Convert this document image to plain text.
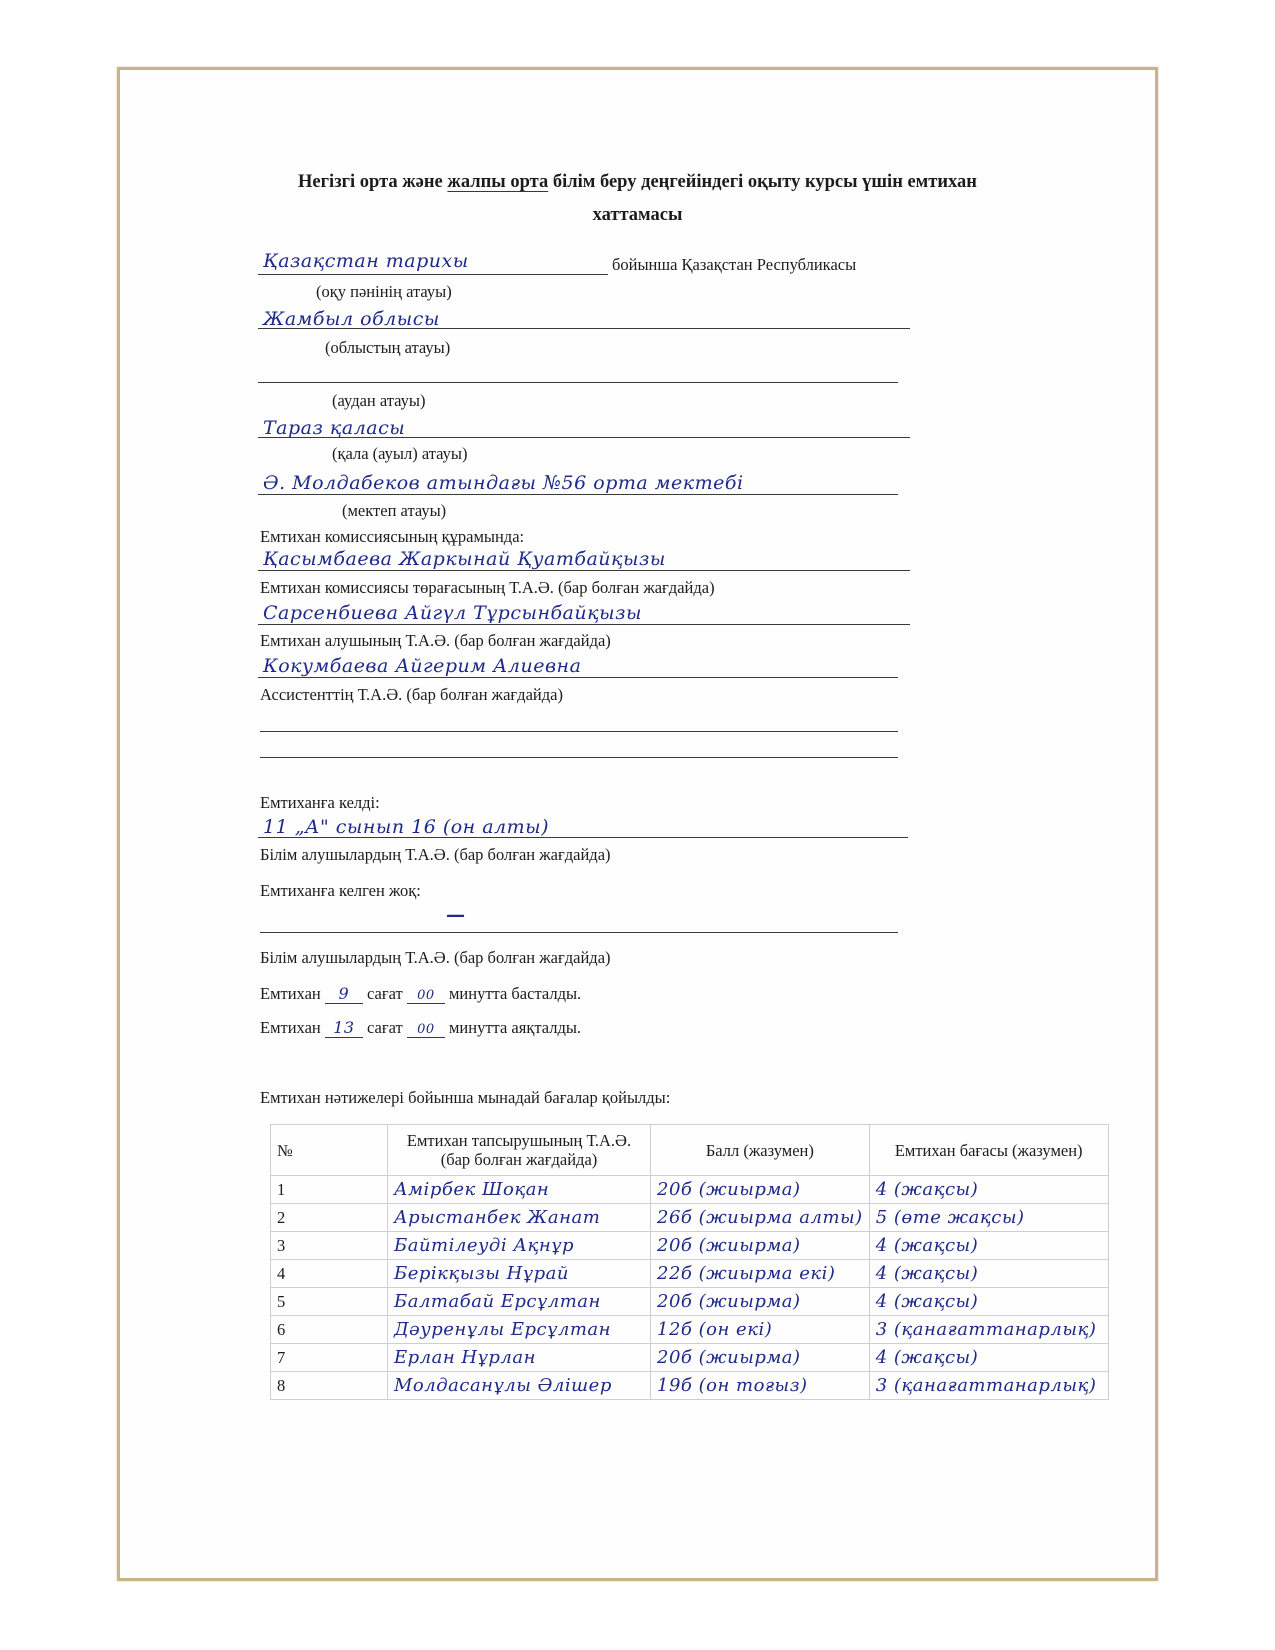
Негізгі орта және жалпы орта білім беру деңгейіндегі оқыту курсы үшін емтихан
хаттамасы
Қазақстан тарихы	бойынша Қазақстан Республикасы
(оқу пәнінің атауы)
Жамбыл облысы
(облыстың атауы)
(аудан атауы)
Тараз қаласы
(қала (ауыл) атауы)
Ә. Молдабеков атындағы №56 орта мектебі
(мектеп атауы)
Емтихан комиссиясының құрамында:
Қасымбаева Жаркынай Қуатбайқызы
Емтихан комиссиясы төрағасының Т.А.Ә. (бар болған жағдайда)
Сарсенбиева Айгүл Тұрсынбайқызы
Емтихан алушының Т.А.Ә. (бар болған жағдайда)
Кокумбаева Айгерим Алиевна
Ассистенттің Т.А.Ә. (бар болған жағдайда)
Емтиханға келді:
11 „А" сынып 16 (он алты)
Білім алушылардың Т.А.Ә. (бар болған жағдайда)
Емтиханға келген жоқ:
—
Білім алушылардың Т.А.Ә. (бар болған жағдайда)
Емтихан 9 сағат 00 минутта басталды.
Емтихан 13 сағат 00 минутта аяқталды.
Емтихан нәтижелері бойынша мынадай бағалар қойылды:
№	Емтихан тапсырушының Т.А.Ә. (бар болған жағдайда)	Балл (жазумен)	Емтихан бағасы (жазумен)
1	Амірбек Шоқан	20б (жиырма)	4 (жақсы)
2	Арыстанбек Жанат	26б (жиырма алты)	5 (өте жақсы)
3	Байтілеуді Ақнұр	20б (жиырма)	4 (жақсы)
4	Берікқызы Нұрай	22б (жиырма екі)	4 (жақсы)
5	Балтабай Ерсұлтан	20б (жиырма)	4 (жақсы)
6	Дәуренұлы Ерсұлтан	12б (он екі)	3 (қанағаттанарлық)
7	Ерлан Нұрлан	20б (жиырма)	4 (жақсы)
8	Молдасанұлы Әлішер	19б (он тоғыз)	3 (қанағаттанарлық)
